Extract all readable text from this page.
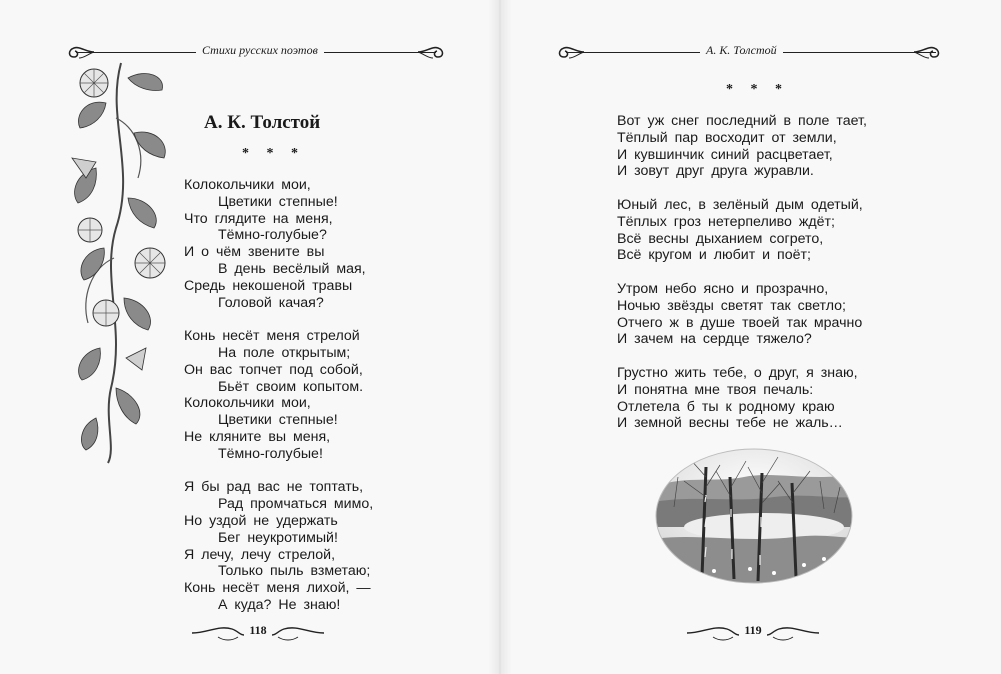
Стихи русских поэтов
А. К. Толстой
* * *
Колокольчики мои,
Цветики степные!
Что глядите на меня,
Тёмно-голубые?
И о чём звените вы
В день весёлый мая,
Средь некошеной травы
Головой качая?
Конь несёт меня стрелой
На поле открытым;
Он вас топчет под собой,
Бьёт своим копытом.
Колокольчики мои,
Цветики степные!
Не кляните вы меня,
Тёмно-голубые!
Я бы рад вас не топтать,
Рад промчаться мимо,
Но уздой не удержать
Бег неукротимый!
Я лечу, лечу стрелой,
Только пыль взметаю;
Конь несёт меня лихой, —
А куда? Не знаю!
118
А. К. Толстой
* * *
Вот уж снег последний в поле тает,
Тёплый пар восходит от земли,
И кувшинчик синий расцветает,
И зовут друг друга журавли.
Юный лес, в зелёный дым одетый,
Тёплых гроз нетерпеливо ждёт;
Всё весны дыханием согрето,
Всё кругом и любит и поёт;
Утром небо ясно и прозрачно,
Ночью звёзды светят так светло;
Отчего ж в душе твоей так мрачно
И зачем на сердце тяжело?
Грустно жить тебе, о друг, я знаю,
И понятна мне твоя печаль:
Отлетела б ты к родному краю
И земной весны тебе не жаль…
119
